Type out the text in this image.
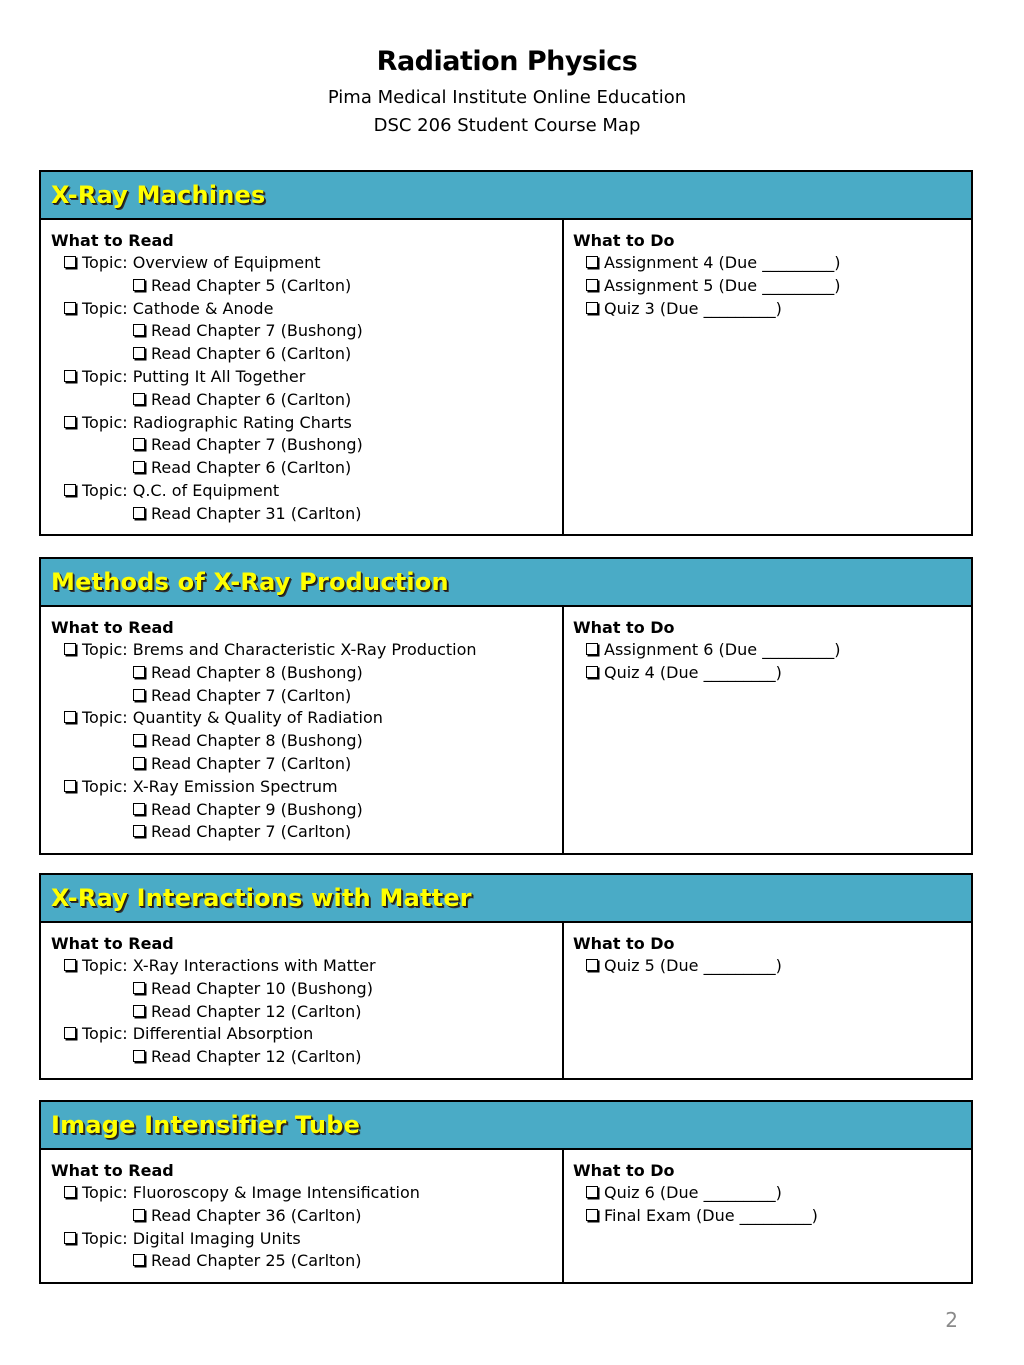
Radiation Physics
Pima Medical Institute Online Education
DSC 206 Student Course Map
X-Ray Machines
What to Read
Topic: Overview of Equipment
Read Chapter 5 (Carlton)
Topic: Cathode & Anode
Read Chapter 7 (Bushong)
Read Chapter 6 (Carlton)
Topic: Putting It All Together
Read Chapter 6 (Carlton)
Topic: Radiographic Rating Charts
Read Chapter 7 (Bushong)
Read Chapter 6 (Carlton)
Topic: Q.C. of Equipment
Read Chapter 31 (Carlton)
What to Do
Assignment 4 (Due _________)
Assignment 5 (Due _________)
Quiz 3 (Due _________)
Methods of X-Ray Production
What to Read
Topic: Brems and Characteristic X-Ray Production
Read Chapter 8 (Bushong)
Read Chapter 7 (Carlton)
Topic: Quantity & Quality of Radiation
Read Chapter 8 (Bushong)
Read Chapter 7 (Carlton)
Topic: X-Ray Emission Spectrum
Read Chapter 9 (Bushong)
Read Chapter 7 (Carlton)
What to Do
Assignment 6 (Due _________)
Quiz 4 (Due _________)
X-Ray Interactions with Matter
What to Read
Topic: X-Ray Interactions with Matter
Read Chapter 10 (Bushong)
Read Chapter 12 (Carlton)
Topic: Differential Absorption
Read Chapter 12 (Carlton)
What to Do
Quiz 5 (Due _________)
Image Intensifier Tube
What to Read
Topic: Fluoroscopy & Image Intensification
Read Chapter 36 (Carlton)
Topic: Digital Imaging Units
Read Chapter 25 (Carlton)
What to Do
Quiz 6 (Due _________)
Final Exam (Due _________)
2
